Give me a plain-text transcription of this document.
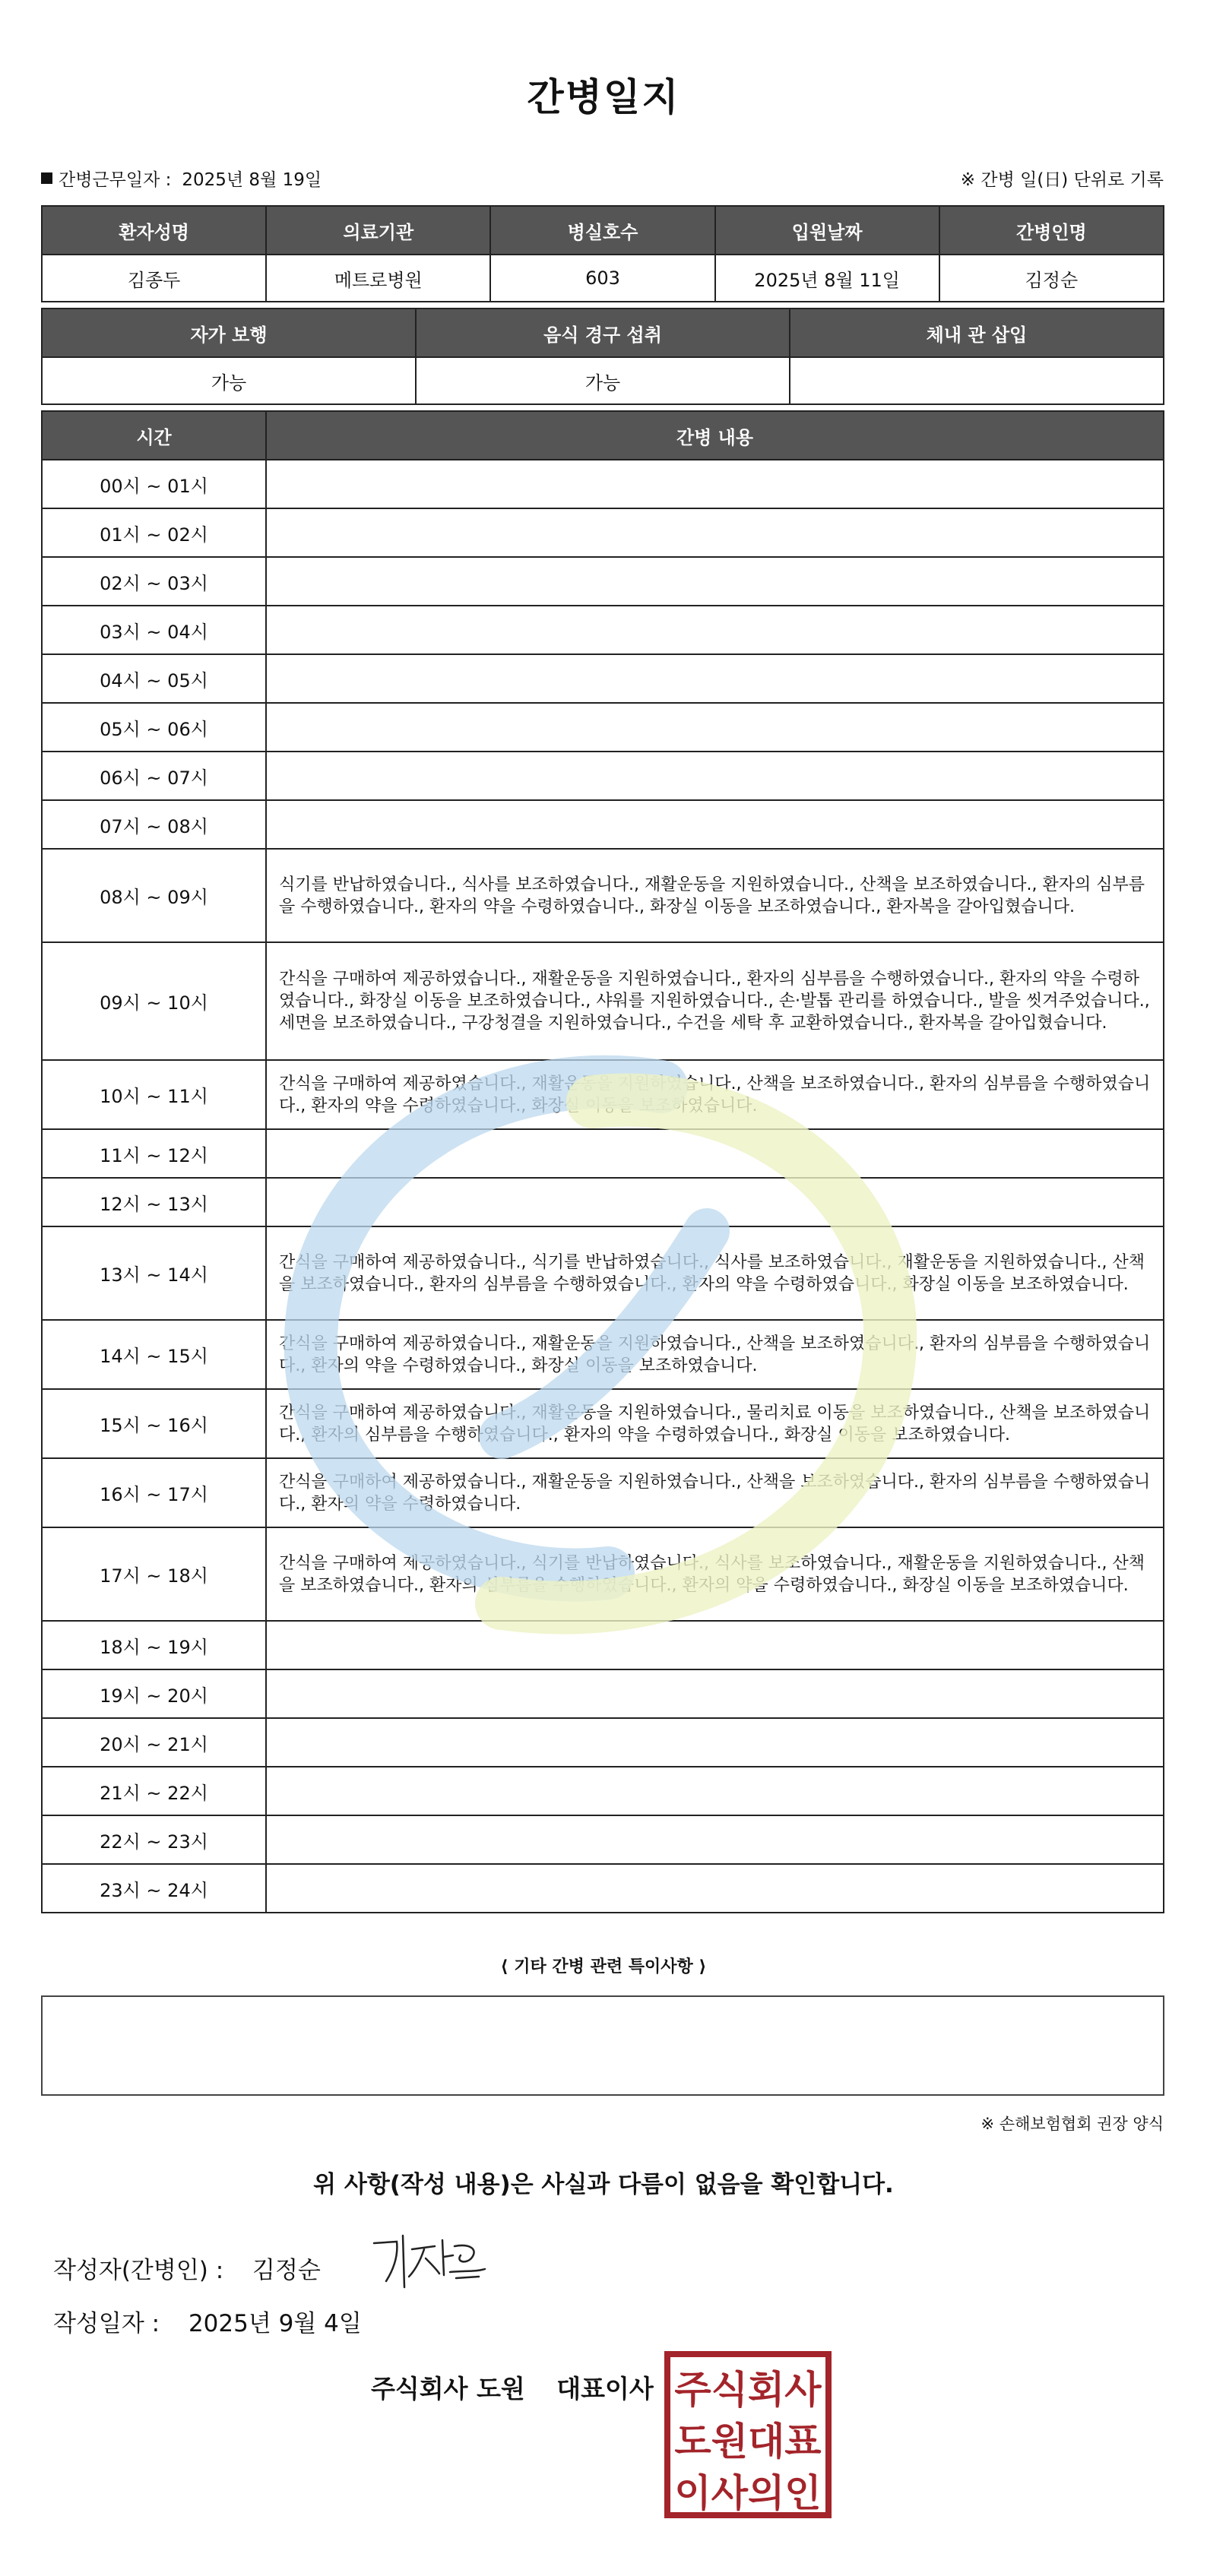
간병일지
간병근무일자 : 2025년 8월 19일	※ 간병 일(日) 단위로 기록
환자성명	의료기관	병실호수	입원날짜	간병인명
김종두	메트로병원	603	2025년 8월 11일	김정순
자가 보행	음식 경구 섭취	체내 관 삽입
가능	가능	
시간	간병 내용
00시 ~ 01시	
01시 ~ 02시	
02시 ~ 03시	
03시 ~ 04시	
04시 ~ 05시	
05시 ~ 06시	
06시 ~ 07시	
07시 ~ 08시	
08시 ~ 09시	식기를 반납하였습니다., 식사를 보조하였습니다., 재활운동을 지원하였습니다., 산책을 보조하였습니다., 환자의 심부름을 수행하였습니다., 환자의 약을 수령하였습니다., 화장실 이동을 보조하였습니다., 환자복을 갈아입혔습니다.
09시 ~ 10시	간식을 구매하여 제공하였습니다., 재활운동을 지원하였습니다., 환자의 심부름을 수행하였습니다., 환자의 약을 수령하였습니다., 화장실 이동을 보조하였습니다., 샤워를 지원하였습니다., 손·발톱 관리를 하였습니다., 발을 씻겨주었습니다., 세면을 보조하였습니다., 구강청결을 지원하였습니다., 수건을 세탁 후 교환하였습니다., 환자복을 갈아입혔습니다.
10시 ~ 11시	간식을 구매하여 제공하였습니다., 재활운동을 지원하였습니다., 산책을 보조하였습니다., 환자의 심부름을 수행하였습니다., 환자의 약을 수령하였습니다., 화장실 이동을 보조하였습니다.
11시 ~ 12시	
12시 ~ 13시	
13시 ~ 14시	간식을 구매하여 제공하였습니다., 식기를 반납하였습니다., 식사를 보조하였습니다., 재활운동을 지원하였습니다., 산책을 보조하였습니다., 환자의 심부름을 수행하였습니다., 환자의 약을 수령하였습니다., 화장실 이동을 보조하였습니다.
14시 ~ 15시	간식을 구매하여 제공하였습니다., 재활운동을 지원하였습니다., 산책을 보조하였습니다., 환자의 심부름을 수행하였습니다., 환자의 약을 수령하였습니다., 화장실 이동을 보조하였습니다.
15시 ~ 16시	간식을 구매하여 제공하였습니다., 재활운동을 지원하였습니다., 물리치료 이동을 보조하였습니다., 산책을 보조하였습니다., 환자의 심부름을 수행하였습니다., 환자의 약을 수령하였습니다., 화장실 이동을 보조하였습니다.
16시 ~ 17시	간식을 구매하여 제공하였습니다., 재활운동을 지원하였습니다., 산책을 보조하였습니다., 환자의 심부름을 수행하였습니다., 환자의 약을 수령하였습니다.
17시 ~ 18시	간식을 구매하여 제공하였습니다., 식기를 반납하였습니다., 식사를 보조하였습니다., 재활운동을 지원하였습니다., 산책을 보조하였습니다., 환자의 심부름을 수행하였습니다., 환자의 약을 수령하였습니다., 화장실 이동을 보조하였습니다.
18시 ~ 19시	
19시 ~ 20시	
20시 ~ 21시	
21시 ~ 22시	
22시 ~ 23시	
23시 ~ 24시	
⟨ 기타 간병 관련 특이사항 ⟩
※ 손해보험협회 권장 양식
위 사항(작성 내용)은 사실과 다름이 없음을 확인합니다.
작성자(간병인) : 김정순
작성일자 : 2025년 9월 4일
주식회사 도원 대표이사 주식회사
도원대표
이사의인
